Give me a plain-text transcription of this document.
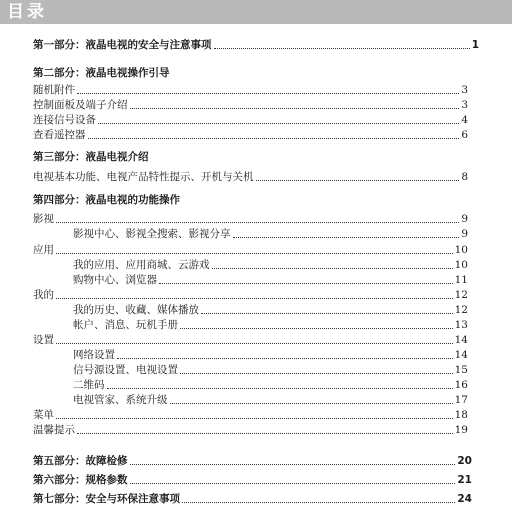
目录
第一部分：液晶电视的安全与注意事项	1
第二部分：液晶电视操作引导
随机附件	3
控制面板及端子介绍	3
连接信号设备	4
查看遥控器	6
第三部分：液晶电视介绍
电视基本功能、电视产品特性提示、开机与关机	8
第四部分：液晶电视的功能操作
影视	9
影视中心、影视全搜索、影视分享	9
应用	10
我的应用、应用商城、云游戏	10
购物中心、浏览器	11
我的	12
我的历史、收藏、媒体播放	12
帐户、消息、玩机手册	13
设置	14
网络设置	14
信号源设置、电视设置	15
二维码	16
电视管家、系统升级	17
菜单	18
温馨提示	19
第五部分：故障检修	20
第六部分：规格参数	21
第七部分：安全与环保注意事项	24
